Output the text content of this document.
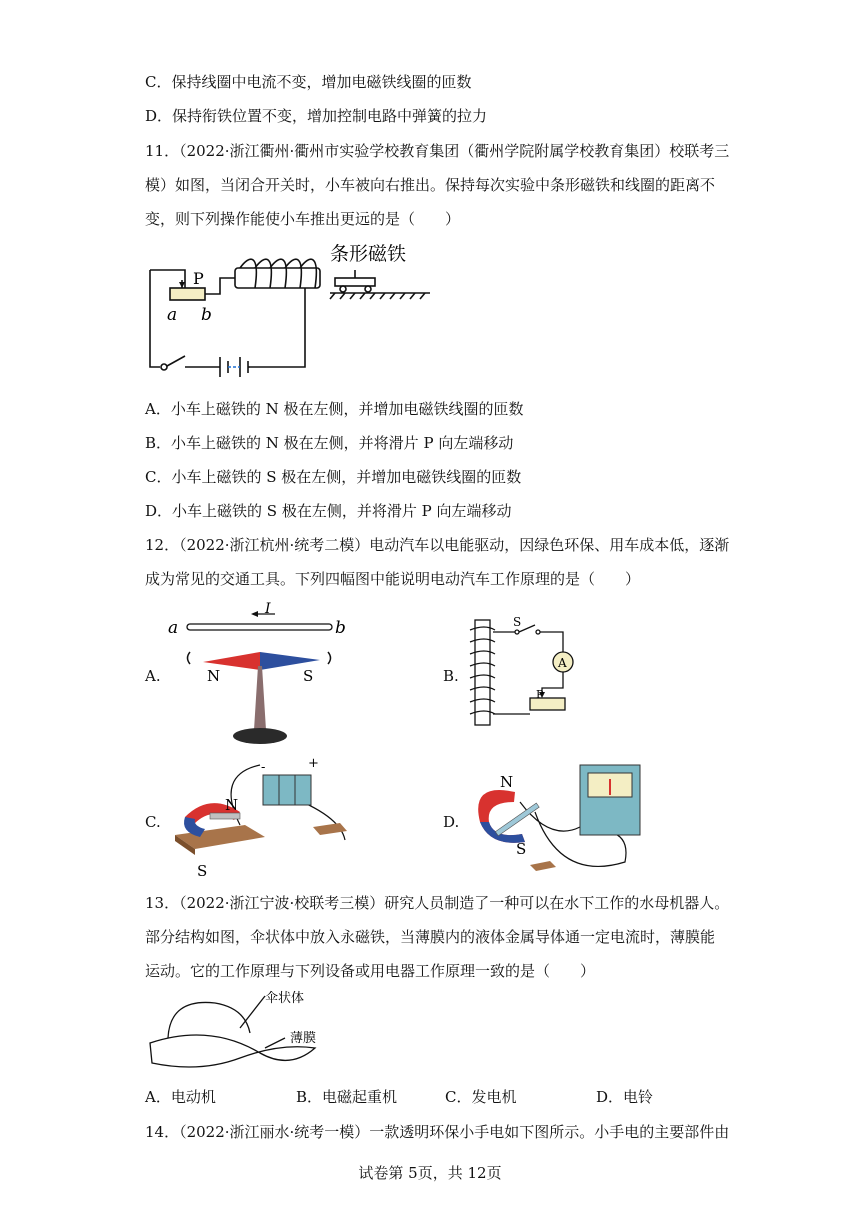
C．保持线圈中电流不变，增加电磁铁线圈的匝数
D．保持衔铁位置不变，增加控制电路中弹簧的拉力
11．（2022·浙江衢州·衢州市实验学校教育集团（衢州学院附属学校教育集团）校联考三
模）如图，当闭合开关时，小车被向右推出。保持每次实验中条形磁铁和线圈的距离不
变，则下列操作能使小车推出更远的是（　　）
条形磁铁
P
a b
A．小车上磁铁的 N 极在左侧，并增加电磁铁线圈的匝数
B．小车上磁铁的 N 极在左侧，并将滑片 P 向左端移动
C．小车上磁铁的 S 极在左侧，并增加电磁铁线圈的匝数
D．小车上磁铁的 S 极在左侧，并将滑片 P 向左端移动
12．（2022·浙江杭州·统考二模）电动汽车以电能驱动，因绿色环保、用车成本低，逐渐
成为常见的交通工具。下列四幅图中能说明电动汽车工作原理的是（　　）
A.
a	b
I
N	S	B.
S
A
P
C.
N
S
-	+
D.
N
S
13．（2022·浙江宁波·校联考三模）研究人员制造了一种可以在水下工作的水母机器人。
部分结构如图，伞状体中放入永磁铁，当薄膜内的液体金属导体通一定电流时，薄膜能
运动。它的工作原理与下列设备或用电器工作原理一致的是（　　）
伞状体
薄膜
A．电动机	B．电磁起重机	C．发电机	D．电铃
14．（2022·浙江丽水·统考一模）一款透明环保小手电如下图所示。小手电的主要部件由
试卷第 5页，共 12页
